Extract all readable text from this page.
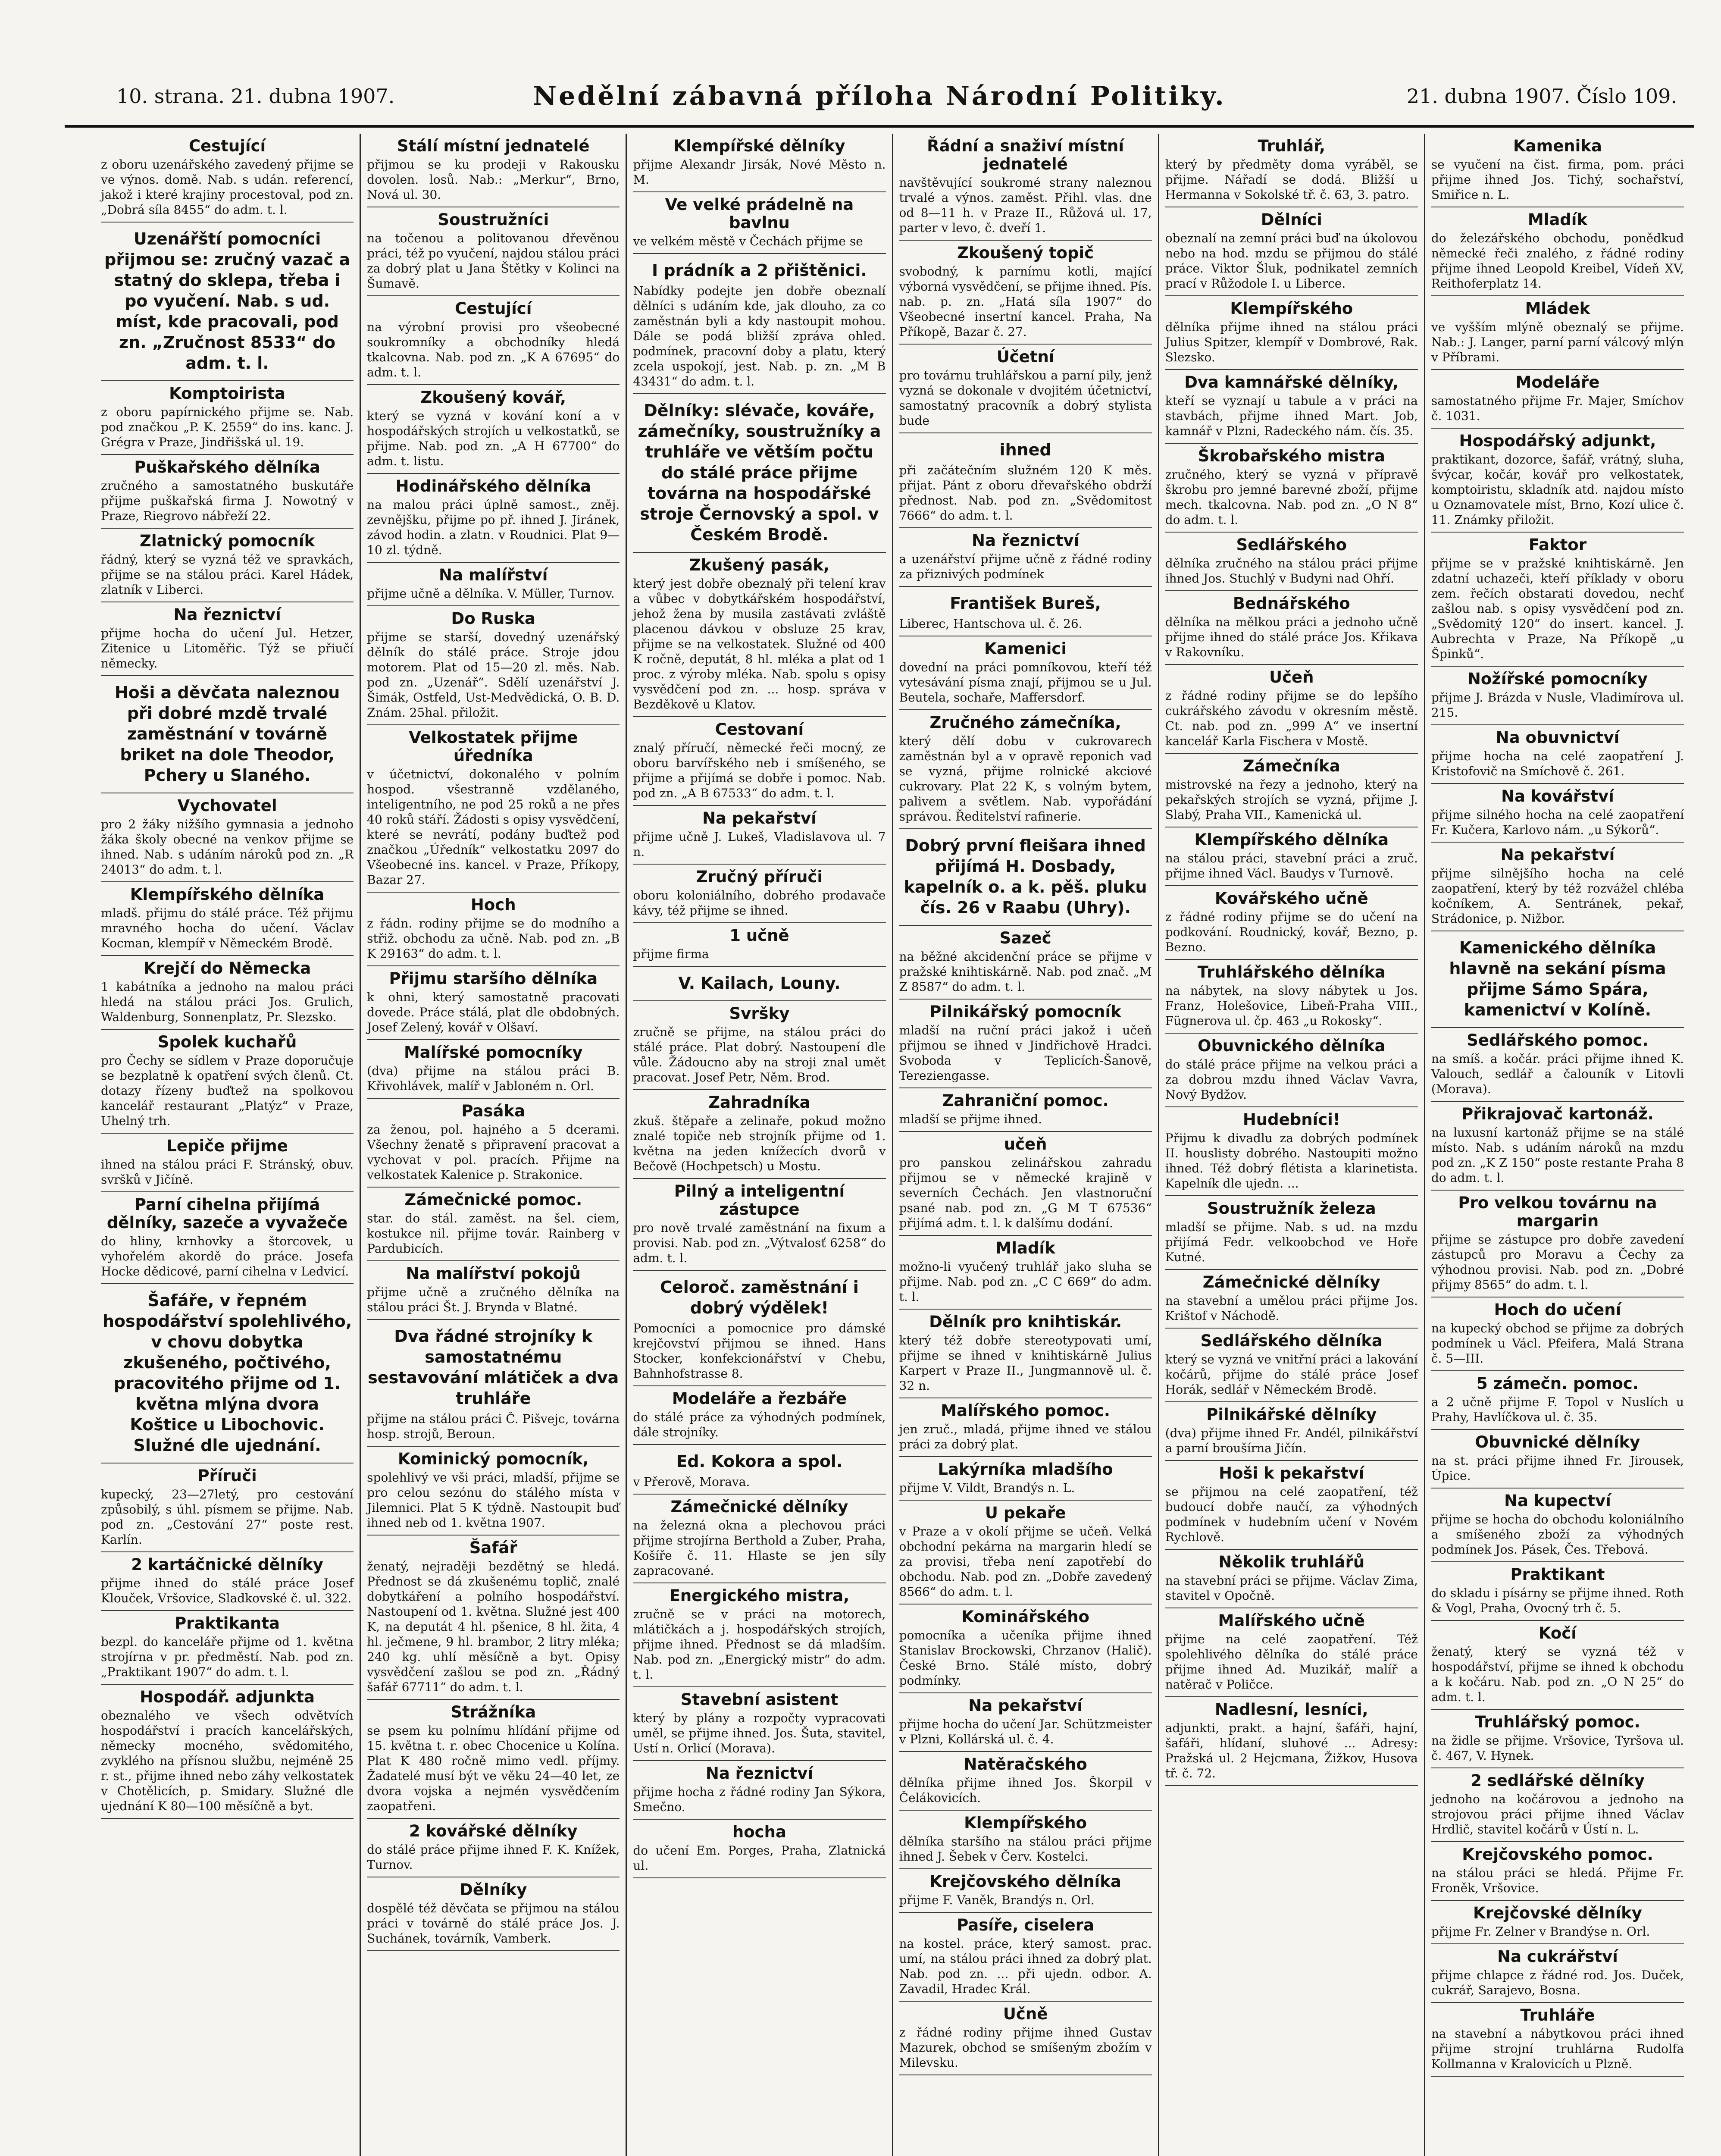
10. strana. 21. dubna 1907.	Nedělní zábavná příloha Národní Politiky.	21. dubna 1907. Číslo 109.
Cestující
z oboru uzenářského zavedený přijme se ve výnos. domě. Nab. s udán. referencí, jakož i které krajiny procestoval, pod zn. „Dobrá síla 8455“ do adm. t. l.
Uzenářští pomocníci přijmou se: zručný vazač a statný do sklepa, třeba i po vyučení. Nab. s ud. míst, kde pracovali, pod zn. „Zručnost 8533“ do adm. t. l.
Komptoirista
z oboru papírnického přijme se. Nab. pod značkou „P. K. 2559“ do ins. kanc. J. Grégra v Praze, Jindřišská ul. 19.
Puškařského dělníka
zručného a samostatného buskutáře přijme puškařská firma J. Nowotný v Praze, Riegrovo nábřeží 22.
Zlatnický pomocník
řádný, který se vyzná též ve spravkách, přijme se na stálou práci. Karel Hádek, zlatník v Liberci.
Na řeznictví
přijme hocha do učení Jul. Hetzer, Zitenice u Litoměřic. Týž se přiučí německy.
Hoši a děvčata naleznou při dobré mzdě trvalé zaměstnání v továrně briket na dole Theodor, Pchery u Slaného.
Vychovatel
pro 2 žáky nižšího gymnasia a jednoho žáka školy obecné na venkov přijme se ihned. Nab. s udáním nároků pod zn. „R 24013“ do adm. t. l.
Klempířského dělníka
mladš. přijmu do stálé práce. Též přijmu mravného hocha do učení. Václav Kocman, klempíř v Německém Brodě.
Krejčí do Německa
1 kabátníka a jednoho na malou práci hledá na stálou práci Jos. Grulich, Waldenburg, Sonnenplatz, Pr. Slezsko.
Spolek kuchařů
pro Čechy se sídlem v Praze doporučuje se bezplatně k opatření svých členů. Ct. dotazy řízeny buďtež na spolkovou kancelář restaurant „Platýz“ v Praze, Uhelný trh.
Lepiče přijme
ihned na stálou práci F. Stránský, obuv. svršků v Jičíně.
Parní cihelna přijímá dělníky, sazeče a vyvažeče
do hliny, krnhovky a štorcovek, u vyhořelém akordě do práce. Josefa Hocke dědicové, parní cihelna v Ledvicí.
Šafáře, v řepném hospodářství spolehlivého, v chovu dobytka zkušeného, počtivého, pracovitého přijme od 1. května mlýna dvora Koštice u Libochovic. Služné dle ujednání.
Příruči
kupecký, 23—27letý, pro cestování způsobilý, s úhl. písmem se přijme. Nab. pod zn. „Cestování 27“ poste rest. Karlín.
2 kartáčnické dělníky
přijme ihned do stálé práce Josef Klouček, Vršovice, Sladkovské č. ul. 322.
Praktikanta
bezpl. do kanceláře přijme od 1. května strojírna v pr. předměstí. Nab. pod zn. „Praktikant 1907“ do adm. t. l.
Hospodář. adjunkta
obeznalého ve všech odvětvích hospodářství i pracích kancelářských, německy mocného, svědomitého, zvyklého na přísnou službu, nejméně 25 r. st., přijme ihned nebo záhy velkostatek v Chotělicích, p. Smidary. Služné dle ujednání K 80—100 měsíčně a byt.
Stálí místní jednatelé
přijmou se ku prodeji v Rakousku dovolen. losů. Nab.: „Merkur“, Brno, Nová ul. 30.
Soustružníci
na točenou a politovanou dřevěnou práci, též po vyučení, najdou stálou práci za dobrý plat u Jana Štětky v Kolinci na Šumavě.
Cestující
na výrobní provisi pro všeobecné soukromníky a obchodníky hledá tkalcovna. Nab. pod zn. „K A 67695“ do adm. t. l.
Zkoušený kovář,
který se vyzná v kování koní a v hospodářských strojích u velkostatků, se přijme. Nab. pod zn. „A H 67700“ do adm. t. listu.
Hodinářského dělníka
na malou práci úplně samost., zněj. zevnějšku, přijme po př. ihned J. Jiránek, závod hodin. a zlatn. v Roudnici. Plat 9—10 zl. týdně.
Na malířství
přijme učně a dělníka. V. Müller, Turnov.
Do Ruska
přijme se starší, dovedný uzenářský dělník do stálé práce. Stroje jdou motorem. Plat od 15—20 zl. měs. Nab. pod zn. „Uzenář“. Sdělí uzenářství J. Šimák, Ostfeld, Ust-Medvědická, O. B. D. Znám. 25hal. přiložit.
Velkostatek přijme úředníka
v účetnictví, dokonalého v polním hospod. všestranně vzdělaného, inteligentního, ne pod 25 roků a ne přes 40 roků stáří. Žádosti s opisy vysvědčení, které se nevrátí, podány buďtež pod značkou „Úředník“ velkostatku 2097 do Všeobecné ins. kancel. v Praze, Příkopy, Bazar 27.
Hoch
z řádn. rodiny přijme se do modního a střiž. obchodu za učně. Nab. pod zn. „B K 29163“ do adm. t. l.
Přijmu staršího dělníka
k ohni, který samostatně pracovati dovede. Práce stálá, plat dle obdobných. Josef Zelený, kovář v Olšaví.
Malířské pomocníky
(dva) přijme na stálou práci B. Křivohlávek, malíř v Jabloném n. Orl.
Pasáka
za ženou, pol. hajného a 5 dcerami. Všechny ženatě s připravení pracovat a vychovat v pol. pracích. Přijme na velkostatek Kalenice p. Strakonice.
Zámečnické pomoc.
star. do stál. zaměst. na šel. ciem, kostukce nil. přijme továr. Rainberg v Pardubicích.
Na malířství pokojů
přijme učně a zručného dělníka na stálou práci Št. J. Brynda v Blatné.
Dva řádné strojníky k samostatnému sestavování mlátiček a dva truhláře
přijme na stálou práci Č. Pišvejc, továrna hosp. strojů, Beroun.
Kominický pomocník,
spolehlivý ve vši práci, mladší, přijme se pro celou sezónu do stálého místa v Jilemnici. Plat 5 K týdně. Nastoupit buď ihned neb od 1. května 1907.
Šafář
ženatý, nejraději bezdětný se hledá. Přednost se dá zkušenému toplič, znalé dobytkáření a polního hospodářství. Nastoupení od 1. května. Služné jest 400 K, na deputát 4 hl. pšenice, 8 hl. žita, 4 hl. ječmene, 9 hl. brambor, 2 litry mléka; 240 kg. uhlí měsíčně a byt. Opisy vysvědčení zašlou se pod zn. „Řádný šafář 67711“ do adm. t. l.
Strážníka
se psem ku polnímu hlídání přijme od 15. května t. r. obec Chocenice u Kolína. Plat K 480 ročně mimo vedl. příjmy. Žadatelé musí být ve věku 24—40 let, ze dvora vojska a nejmén vysvědčením zaopatřeni.
2 kovářské dělníky
do stálé práce přijme ihned F. K. Knížek, Turnov.
Dělníky
dospělé též děvčata se přijmou na stálou práci v továrně do stálé práce Jos. J. Suchánek, továrník, Vamberk.
Klempířské dělníky
přijme Alexandr Jirsák, Nové Město n. M.
Ve velké prádelně na bavlnu
ve velkém městě v Čechách přijme se
I prádník a 2 přištěnici.
Nabídky podejte jen dobře obeznalí dělníci s udáním kde, jak dlouho, za co zaměstnán byli a kdy nastoupit mohou. Dále se podá bližší zpráva ohled. podmínek, pracovní doby a platu, který zcela uspokojí, jest. Nab. p. zn. „M B 43431“ do adm. t. l.
Dělníky: slévače, kováře, zámečníky, soustružníky a truhláře ve větším počtu do stálé práce přijme továrna na hospodářské stroje Černovský a spol. v Českém Brodě.
Zkušený pasák,
který jest dobře obeznalý při telení krav a vůbec v dobytkářském hospodářství, jehož žena by musila zastávati zvláště placenou dávkou v obsluze 25 krav, přijme se na velkostatek. Služné od 400 K ročně, deputát, 8 hl. mléka a plat od 1 proc. z výroby mléka. Nab. spolu s opisy vysvědčení pod zn. ... hosp. správa v Bezděkově u Klatov.
Cestovaní
znalý příručí, německé řeči mocný, ze oboru barvířského neb i smíšeného, se přijme a přijímá se dobře i pomoc. Nab. pod zn. „A B 67533“ do adm. t. l.
Na pekařství
přijme učně J. Lukeš, Vladislavova ul. 7 n.
Zručný příruči
oboru koloniálního, dobrého prodavače kávy, též přijme se ihned.
1 učně
přijme firma
V. Kailach, Louny.
Svršky
zručně se přijme, na stálou práci do stálé práce. Plat dobrý. Nastoupení dle vůle. Žádoucno aby na stroji znal umět pracovat. Josef Petr, Něm. Brod.
Zahradníka
zkuš. štěpaře a zelinaře, pokud možno znalé topiče neb strojník přijme od 1. května na jeden knížecích dvorů v Bečově (Hochpetsch) u Mostu.
Pilný a inteligentní zástupce
pro nově trvalé zaměstnání na fixum a provisi. Nab. pod zn. „Výtvalosť 6258“ do adm. t. l.
Celoroč. zaměstnání i dobrý výdělek!
Pomocníci a pomocnice pro dámské krejčovství přijmou se ihned. Hans Stocker, konfekcionářství v Chebu, Bahnhofstrasse 8.
Modeláře a řezbáře
do stálé práce za výhodných podmínek, dále strojníky.
Ed. Kokora a spol.
v Přerově, Morava.
Zámečnické dělníky
na železná okna a plechovou práci přijme strojírna Berthold a Zuber, Praha, Košíře č. 11. Hlaste se jen síly zapracované.
Energického mistra,
zručně se v práci na motorech, mlátičkách a j. hospodářských strojích, přijme ihned. Přednost se dá mladším. Nab. pod zn. „Energický mistr“ do adm. t. l.
Stavební asistent
který by plány a rozpočty vypracovati uměl, se přijme ihned. Jos. Šuta, stavitel, Ustí n. Orlicí (Morava).
Na řeznictví
přijme hocha z řádné rodiny Jan Sýkora, Smečno.
hocha
do učení Em. Porges, Praha, Zlatnická ul.
Řádní a snaživí místní jednatelé
navštěvující soukromé strany naleznou trvalé a výnos. zaměst. Přihl. vlas. dne od 8—11 h. v Praze II., Růžová ul. 17, parter v levo, č. dveří 1.
Zkoušený topič
svobodný, k parnímu kotli, mající výborná vysvědčení, se přijme ihned. Pís. nab. p. zn. „Hatá síla 1907“ do Všeobecné insertní kancel. Praha, Na Příkopě, Bazar č. 27.
Účetní
pro továrnu truhlářskou a parní pily, jenž vyzná se dokonale v dvojitém účetnictví, samostatný pracovník a dobrý stylista bude
ihned
při začátečním služném 120 K měs. přijat. Pánt z oboru dřevařského obdrží přednost. Nab. pod zn. „Svědomitost 7666“ do adm. t. l.
Na řeznictví
a uzenářství přijme učně z řádné rodiny za přiznivých podmínek
František Bureš,
Liberec, Hantschova ul. č. 26.
Kamenici
dovední na práci pomníkovou, kteří též vytesávání písma znají, přijmou se u Jul. Beutela, sochaře, Maffersdorf.
Zručného zámečníka,
který dělí dobu v cukrovarech zaměstnán byl a v opravě reponich vad se vyzná, přijme rolnické akciové cukrovary. Plat 22 K, s volným bytem, palivem a světlem. Nab. vypořádání správou. Ředitelství rafinerie.
Dobrý první fleišara ihned přijímá H. Dosbady, kapelník o. a k. pěš. pluku čís. 26 v Raabu (Uhry).
Sazeč
na běžné akcidenční práce se přijme v pražské knihtiskárně. Nab. pod znač. „M Z 8587“ do adm. t. l.
Pilnikářský pomocník
mladší na ruční práci jakož i učeň přijmou se ihned v Jindřichově Hradci. Svoboda v Teplicích-Šanově, Tereziengasse.
Zahraniční pomoc.
mladší se přijme ihned.
učeň
pro panskou zelinářskou zahradu přijmou se v německé krajině v severních Čechách. Jen vlastnoruční psané nab. pod zn. „G M T 67536“ přijímá adm. t. l. k dalšímu dodání.
Mladík
možno-li vyučený truhlář jako sluha se přijme. Nab. pod zn. „C C 669“ do adm. t. l.
Dělník pro knihtiskár.
který též dobře stereotypovati umí, přijme se ihned v knihtiskárně Julius Karpert v Praze II., Jungmannově ul. č. 32 n.
Malířského pomoc.
jen zruč., mladá, přijme ihned ve stálou práci za dobrý plat.
Lakýrníka mladšího
přijme V. Vildt, Brandýs n. L.
U pekaře
v Praze a v okolí přijme se učeň. Velká obchodní pekárna na margarin hledí se za provisi, třeba není zapotřebí do obchodu. Nab. pod zn. „Dobře zavedený 8566“ do adm. t. l.
Kominářského
pomocníka a učeníka přijme ihned Stanislav Brockowski, Chrzanov (Halič). České Brno. Stálé místo, dobrý podmínky.
Na pekařství
přijme hocha do učení Jar. Schützmeister v Plzni, Kollárská ul. č. 4.
Natěračského
dělníka přijme ihned Jos. Škorpil v Čelákovicích.
Klempířského
dělníka staršího na stálou práci přijme ihned J. Šebek v Červ. Kostelci.
Krejčovského dělníka
přijme F. Vaněk, Brandýs n. Orl.
Pasíře, ciselera
na kostel. práce, který samost. prac. umí, na stálou práci ihned za dobrý plat. Nab. pod zn. ... při ujedn. odbor. A. Zavadil, Hradec Král.
Učně
z řádné rodiny přijme ihned Gustav Mazurek, obchod se smíšeným zbožím v Milevsku.
Truhlář,
který by předměty doma vyráběl, se přijme. Nářadí se dodá. Bližší u Hermanna v Sokolské tř. č. 63, 3. patro.
Dělníci
obeznalí na zemní práci buď na úkolovou nebo na hod. mzdu se přijmou do stálé práce. Viktor Šluk, podnikatel zemních prací v Růžodole I. u Liberce.
Klempířského
dělníka přijme ihned na stálou práci Julius Spitzer, klempíř v Dombrové, Rak. Slezsko.
Dva kamnářské dělníky,
kteří se vyznají u tabule a v práci na stavbách, přijme ihned Mart. Job, kamnář v Plzni, Radeckého nám. čís. 35.
Škrobařského mistra
zručného, který se vyzná v přípravě škrobu pro jemné barevné zboží, přijme mech. tkalcovna. Nab. pod zn. „O N 8“ do adm. t. l.
Sedlářského
dělníka zručného na stálou práci přijme ihned Jos. Stuchlý v Budyni nad Ohří.
Bednářského
dělníka na mělkou práci a jednoho učně přijme ihned do stálé práce Jos. Křikava v Rakovníku.
Učeň
z řádné rodiny přijme se do lepšího cukrářského závodu v okresním městě. Ct. nab. pod zn. „999 A“ ve insertní kancelář Karla Fischera v Mostě.
Zámečníka
mistrovské na řezy a jednoho, který na pekařských strojích se vyzná, přijme J. Slabý, Praha VII., Kamenická ul.
Klempířského dělníka
na stálou práci, stavební práci a zruč. přijme ihned Václ. Baudys v Turnově.
Kovářského učně
z řádné rodiny přijme se do učení na podkování. Roudnický, kovář, Bezno, p. Bezno.
Truhlářského dělníka
na nábytek, na slovy nábytek u Jos. Franz, Holešovice, Libeň-Praha VIII., Fügnerova ul. čp. 463 „u Rokosky“.
Obuvnického dělníka
do stálé práce přijme na velkou práci a za dobrou mzdu ihned Václav Vavra, Nový Bydžov.
Hudebníci!
Přijmu k divadlu za dobrých podmínek II. houslisty dobrého. Nastoupiti možno ihned. Též dobrý flétista a klarinetista. Kapelník dle ujedn. ...
Soustružník železa
mladší se přijme. Nab. s ud. na mzdu přijímá Fedr. velkoobchod ve Hoře Kutné.
Zámečnické dělníky
na stavební a umělou práci přijme Jos. Krištof v Náchodě.
Sedlářského dělníka
který se vyzná ve vnitřní práci a lakování kočárů, přijme do stálé práce Josef Horák, sedlář v Německém Brodě.
Pilnikářské dělníky
(dva) přijme ihned Fr. Andél, pilnikářství a parní broušírna Jičín.
Hoši k pekařství
se přijmou na celé zaopatření, též budoucí dobře naučí, za výhodných podmínek v hudebním učení v Novém Rychlově.
Několik truhlářů
na stavební práci se přijme. Václav Zima, stavitel v Opočně.
Malířského učně
přijme na celé zaopatření. Též spolehlivého dělníka do stálé práce přijme ihned Ad. Muzikář, malíř a natěrač v Poličce.
Nadlesní, lesníci,
adjunkti, prakt. a hajní, šafáři, hajní, šafáři, hlídaní, sluhové ... Adresy: Pražská ul. 2 Hejcmana, Žižkov, Husova tř. č. 72.
Kamenika
se vyučení na čist. firma, pom. práci přijme ihned Jos. Tichý, sochařství, Smiřice n. L.
Mladík
do železářského obchodu, ponědkud německé řeči znalého, z řádné rodiny přijme ihned Leopold Kreibel, Vídeň XV, Reithoferplatz 14.
Mládek
ve vyšším mlýně obeznalý se přijme. Nab.: J. Langer, parní parní válcový mlýn v Příbrami.
Modeláře
samostatného přijme Fr. Majer, Smíchov č. 1031.
Hospodářský adjunkt,
praktikant, dozorce, šafář, vrátný, sluha, švýcar, kočár, kovář pro velkostatek, komptoiristu, skladník atd. najdou místo u Oznamovatele míst, Brno, Kozí ulice č. 11. Známky přiložit.
Faktor
přijme se v pražské knihtiskárně. Jen zdatní uchazeči, kteří příklady v oboru zem. řečích obstarati dovedou, nechť zašlou nab. s opisy vysvědčení pod zn. „Svědomitý 120“ do insert. kancel. J. Aubrechta v Praze, Na Příkopě „u Špinků“.
Nožířské pomocníky
přijme J. Brázda v Nusle, Vladimírova ul. 215.
Na obuvnictví
přijme hocha na celé zaopatření J. Kristofovič na Smíchově č. 261.
Na kovářství
přijme silného hocha na celé zaopatření Fr. Kučera, Karlovo nám. „u Sýkorů“.
Na pekařství
přijme silnějšího hocha na celé zaopatření, který by též rozvážel chléba kočníkem, A. Sentránek, pekař, Strádonice, p. Nižbor.
Kamenického dělníka hlavně na sekání písma přijme Sámo Spára, kamenictví v Kolíně.
Sedlářského pomoc.
na smíš. a kočár. práci přijme ihned K. Valouch, sedlář a čalouník v Litovli (Morava).
Přikrajovač kartonáž.
na luxusní kartonáž přijme se na stálé místo. Nab. s udáním nároků na mzdu pod zn. „K Z 150“ poste restante Praha 8 do adm. t. l.
Pro velkou továrnu na margarin
přijme se zástupce pro dobře zavedení zástupců pro Moravu a Čechy za výhodnou provisi. Nab. pod zn. „Dobré přijmy 8565“ do adm. t. l.
Hoch do učení
na kupecký obchod se přijme za dobrých podmínek u Václ. Pfeifera, Malá Strana č. 5—III.
5 zámečn. pomoc.
a 2 učně přijme F. Topol v Nuslích u Prahy, Havlíčkova ul. č. 35.
Obuvnické dělníky
na st. práci přijme ihned Fr. Jirousek, Úpice.
Na kupectví
přijme se hocha do obchodu koloniálního a smíšeného zboží za výhodných podmínek Jos. Pásek, Čes. Třebová.
Praktikant
do skladu i písárny se přijme ihned. Roth & Vogl, Praha, Ovocný trh č. 5.
Kočí
ženatý, který se vyzná též v hospodářství, přijme se ihned k obchodu a k kočáru. Nab. pod zn. „O N 25“ do adm. t. l.
Truhlářský pomoc.
na židle se přijme. Vršovice, Tyršova ul. č. 467, V. Hynek.
2 sedlářské dělníky
jednoho na kočárovou a jednoho na strojovou práci přijme ihned Václav Hrdlič, stavitel kočárů v Ústí n. L.
Krejčovského pomoc.
na stálou práci se hledá. Přijme Fr. Froněk, Vršovice.
Krejčovské dělníky
přijme Fr. Zelner v Brandýse n. Orl.
Na cukrářství
přijme chlapce z řádné rod. Jos. Duček, cukrář, Sarajevo, Bosna.
Truhláře
na stavební a nábytkovou práci ihned přijme strojní truhlárna Rudolfa Kollmanna v Kralovicích u Plzně.
